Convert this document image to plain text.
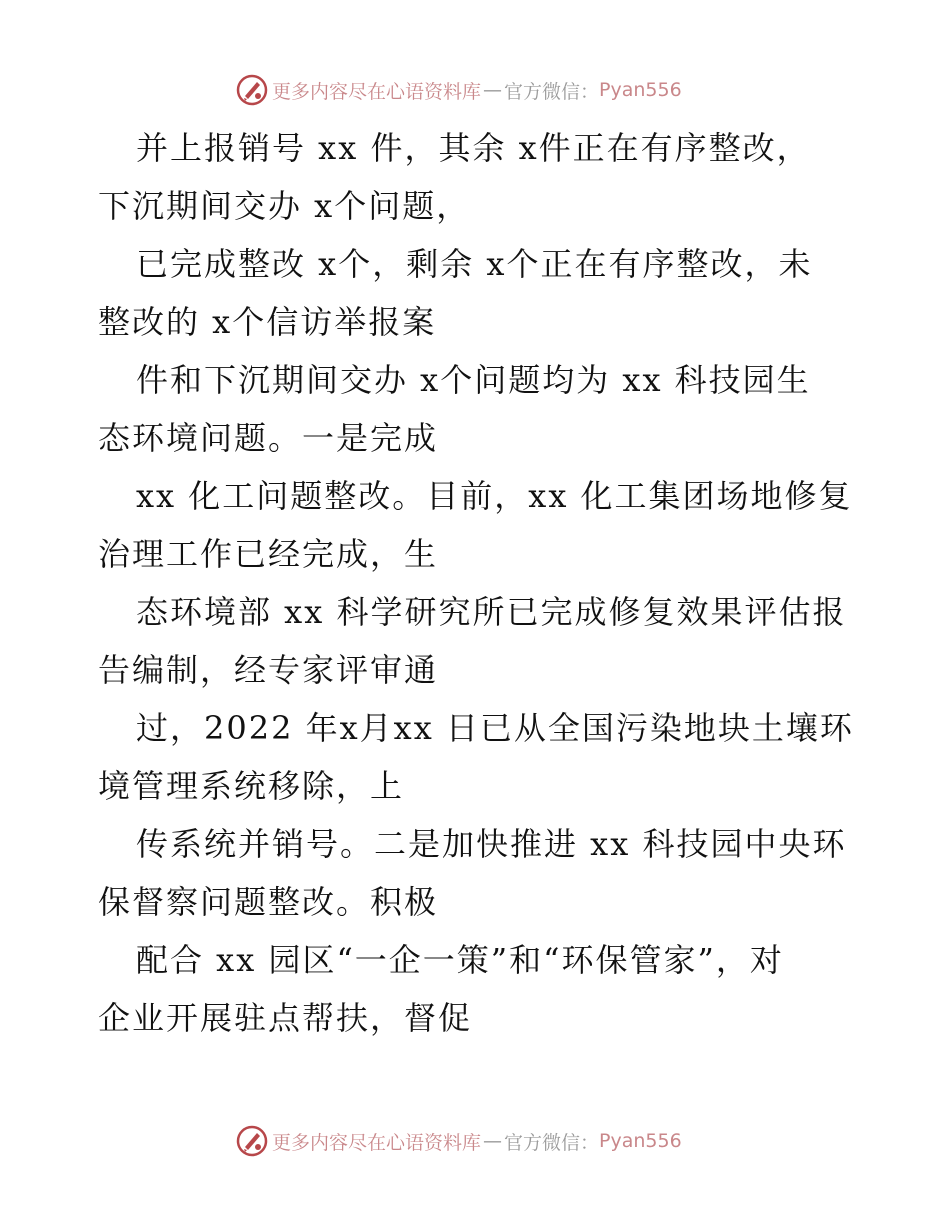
更多内容尽在心语资料库 — 官方微信： Pyan556
并上报销号 xx 件，其余 x件正在有序整改，
下沉期间交办 x个问题，
已完成整改 x个，剩余 x个正在有序整改，未
整改的 x个信访举报案
件和下沉期间交办 x个问题均为 xx 科技园生
态环境问题。一是完成
xx 化工问题整改。目前，xx 化工集团场地修复
治理工作已经完成，生
态环境部 xx 科学研究所已完成修复效果评估报
告编制，经专家评审通
过，2022 年x月xx 日已从全国污染地块土壤环
境管理系统移除，上
传系统并销号。二是加快推进 xx 科技园中央环
保督察问题整改。积极
配合 xx 园区“一企一策”和“环保管家”，对
企业开展驻点帮扶，督促
更多内容尽在心语资料库 — 官方微信： Pyan556
